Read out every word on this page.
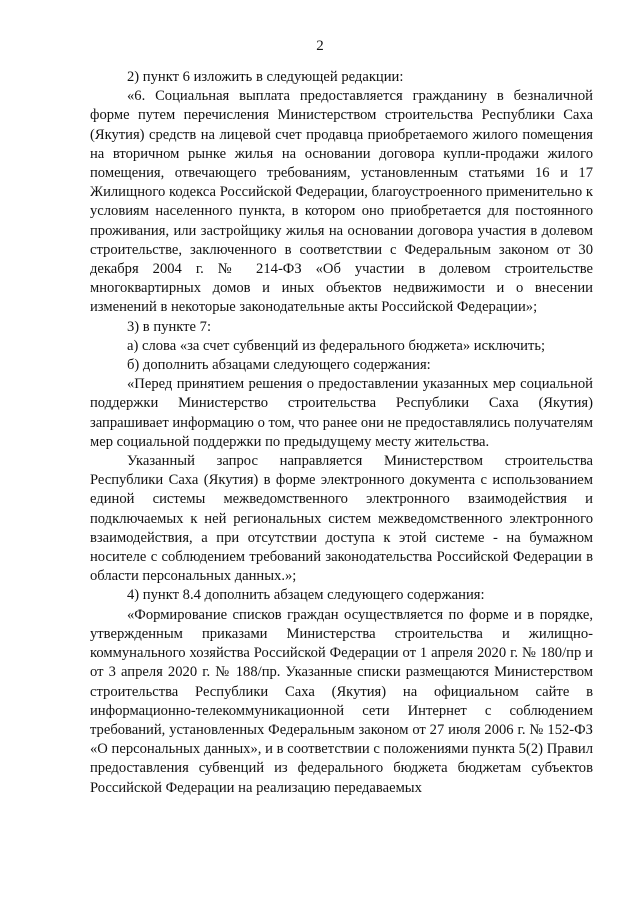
2

2) пункт 6 изложить в следующей редакции:

«6. Социальная выплата предоставляется гражданину в безналичной форме путем перечисления Министерством строительства Республики Саха (Якутия) средств на лицевой счет продавца приобретаемого жилого помещения на вторичном рынке жилья на основании договора купли-продажи жилого помещения, отвечающего требованиям, установленным статьями 16 и 17 Жилищного кодекса Российской Федерации, благоустроенного применительно к условиям населенного пункта, в котором оно приобретается для постоянного проживания, или застройщику жилья на основании договора участия в долевом строительстве, заключенного в соответствии с Федеральным законом от 30 декабря 2004 г. № 214-ФЗ «Об участии в долевом строительстве многоквартирных домов и иных объектов недвижимости и о внесении изменений в некоторые законодательные акты Российской Федерации»;

3) в пункте 7:

а) слова «за счет субвенций из федерального бюджета» исключить;

б) дополнить абзацами следующего содержания:

«Перед принятием решения о предоставлении указанных мер социальной поддержки Министерство строительства Республики Саха (Якутия) запрашивает информацию о том, что ранее они не предоставлялись получателям мер социальной поддержки по предыдущему месту жительства.

Указанный запрос направляется Министерством строительства Республики Саха (Якутия) в форме электронного документа с использованием единой системы межведомственного электронного взаимодействия и подключаемых к ней региональных систем межведомственного электронного взаимодействия, а при отсутствии доступа к этой системе - на бумажном носителе с соблюдением требований законодательства Российской Федерации в области персональных данных.»;

4) пункт 8.4 дополнить абзацем следующего содержания:

«Формирование списков граждан осуществляется по форме и в порядке, утвержденным приказами Министерства строительства и жилищно-коммунального хозяйства Российской Федерации от 1 апреля 2020 г. № 180/пр и от 3 апреля 2020 г. № 188/пр. Указанные списки размещаются Министерством строительства Республики Саха (Якутия) на официальном сайте в информационно-телекоммуникационной сети Интернет с соблюдением требований, установленных Федеральным законом от 27 июля 2006 г. № 152-ФЗ «О персональных данных», и в соответствии с положениями пункта 5(2) Правил предоставления субвенций из федерального бюджета бюджетам субъектов Российской Федерации на реализацию передаваемых
